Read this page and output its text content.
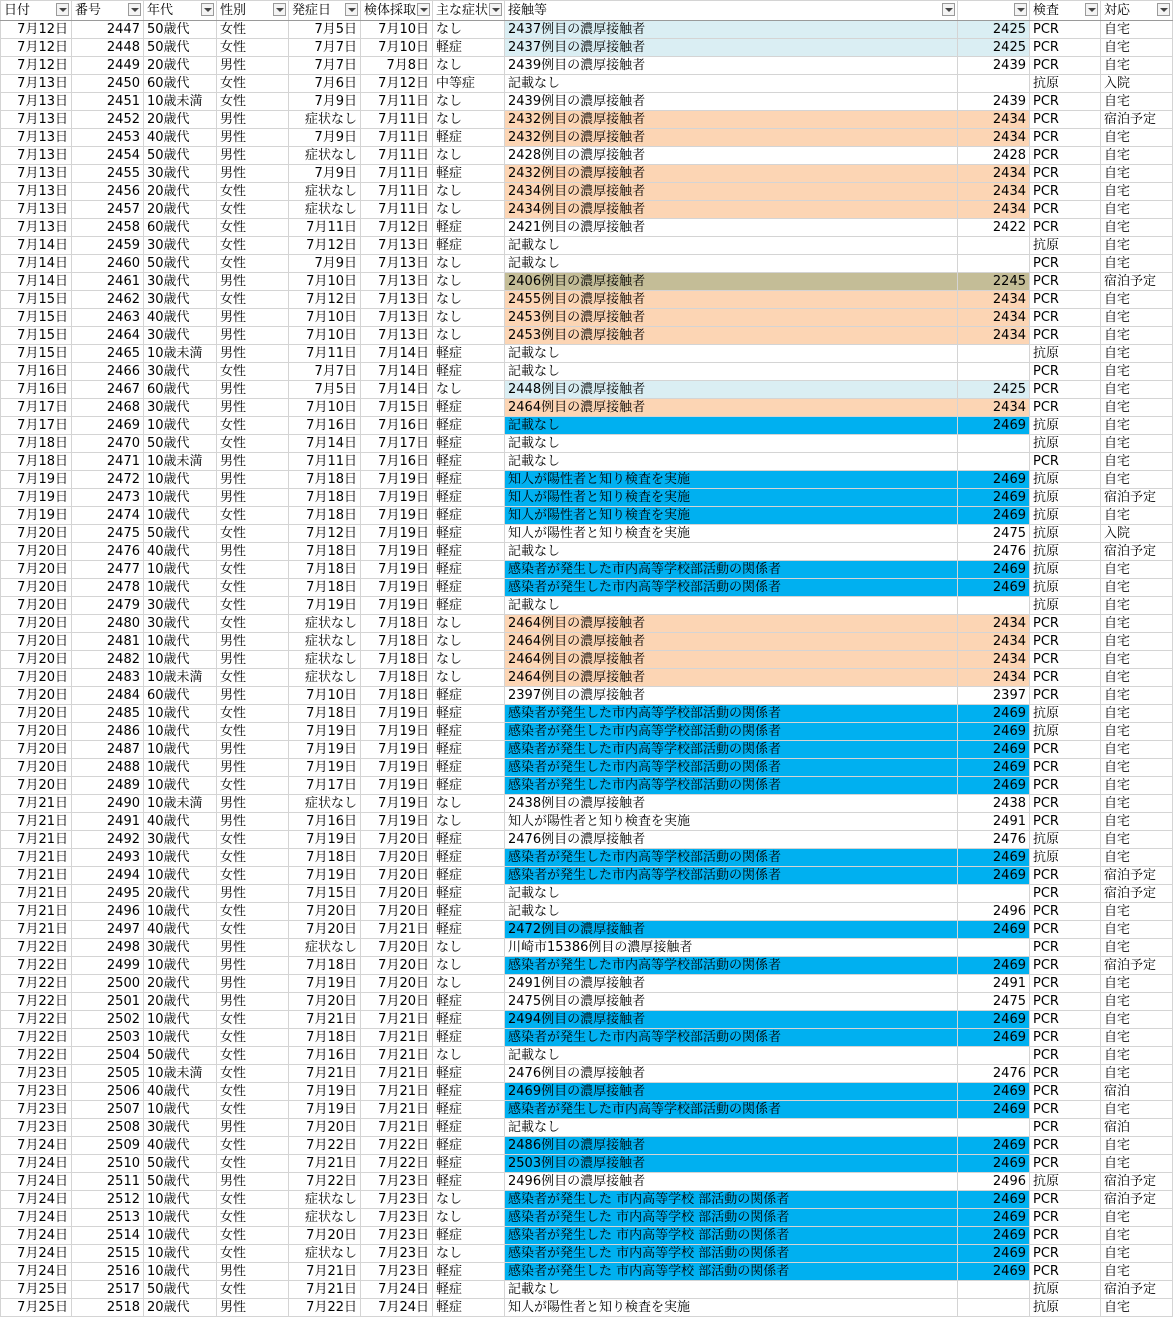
日付	番号	年代	性別	発症日	検体採取	主な症状	接触等		検査	対応

7月12日	2447	50歳代	女性	7月5日	7月10日	なし	2437例目の濃厚接触者	2425	PCR	自宅
7月12日	2448	50歳代	女性	7月7日	7月10日	軽症	2437例目の濃厚接触者	2425	PCR	自宅
7月12日	2449	20歳代	男性	7月7日	7月8日	なし	2439例目の濃厚接触者	2439	PCR	自宅
7月13日	2450	60歳代	女性	7月6日	7月12日	中等症	記載なし		抗原	入院
7月13日	2451	10歳未満	女性	7月9日	7月11日	なし	2439例目の濃厚接触者	2439	PCR	自宅
7月13日	2452	20歳代	男性	症状なし	7月11日	なし	2432例目の濃厚接触者	2434	PCR	宿泊予定
7月13日	2453	40歳代	男性	7月9日	7月11日	軽症	2432例目の濃厚接触者	2434	PCR	自宅
7月13日	2454	50歳代	男性	症状なし	7月11日	なし	2428例目の濃厚接触者	2428	PCR	自宅
7月13日	2455	30歳代	男性	7月9日	7月11日	軽症	2432例目の濃厚接触者	2434	PCR	自宅
7月13日	2456	20歳代	女性	症状なし	7月11日	なし	2434例目の濃厚接触者	2434	PCR	自宅
7月13日	2457	20歳代	女性	症状なし	7月11日	なし	2434例目の濃厚接触者	2434	PCR	自宅
7月13日	2458	60歳代	女性	7月11日	7月12日	軽症	2421例目の濃厚接触者	2422	PCR	自宅
7月14日	2459	30歳代	女性	7月12日	7月13日	軽症	記載なし		抗原	自宅
7月14日	2460	50歳代	女性	7月9日	7月13日	なし	記載なし		PCR	自宅
7月14日	2461	30歳代	男性	7月10日	7月13日	なし	2406例目の濃厚接触者	2245	PCR	宿泊予定
7月15日	2462	30歳代	女性	7月12日	7月13日	なし	2455例目の濃厚接触者	2434	PCR	自宅
7月15日	2463	40歳代	男性	7月10日	7月13日	なし	2453例目の濃厚接触者	2434	PCR	自宅
7月15日	2464	30歳代	男性	7月10日	7月13日	なし	2453例目の濃厚接触者	2434	PCR	自宅
7月15日	2465	10歳未満	男性	7月11日	7月14日	軽症	記載なし		抗原	自宅
7月16日	2466	30歳代	女性	7月7日	7月14日	軽症	記載なし		PCR	自宅
7月16日	2467	60歳代	男性	7月5日	7月14日	なし	2448例目の濃厚接触者	2425	PCR	自宅
7月17日	2468	30歳代	男性	7月10日	7月15日	軽症	2464例目の濃厚接触者	2434	PCR	自宅
7月17日	2469	10歳代	女性	7月16日	7月16日	軽症	記載なし	2469	抗原	自宅
7月18日	2470	50歳代	女性	7月14日	7月17日	軽症	記載なし		抗原	自宅
7月18日	2471	10歳未満	男性	7月11日	7月16日	軽症	記載なし		PCR	自宅
7月19日	2472	10歳代	男性	7月18日	7月19日	軽症	知人が陽性者と知り検査を実施	2469	抗原	自宅
7月19日	2473	10歳代	男性	7月18日	7月19日	軽症	知人が陽性者と知り検査を実施	2469	抗原	宿泊予定
7月19日	2474	10歳代	女性	7月18日	7月19日	軽症	知人が陽性者と知り検査を実施	2469	抗原	自宅
7月20日	2475	50歳代	女性	7月12日	7月19日	軽症	知人が陽性者と知り検査を実施	2475	抗原	入院
7月20日	2476	40歳代	男性	7月18日	7月19日	軽症	記載なし	2476	抗原	宿泊予定
7月20日	2477	10歳代	女性	7月18日	7月19日	軽症	感染者が発生した市内高等学校部活動の関係者	2469	抗原	自宅
7月20日	2478	10歳代	女性	7月18日	7月19日	軽症	感染者が発生した市内高等学校部活動の関係者	2469	抗原	自宅
7月20日	2479	30歳代	女性	7月19日	7月19日	軽症	記載なし		抗原	自宅
7月20日	2480	30歳代	女性	症状なし	7月18日	なし	2464例目の濃厚接触者	2434	PCR	自宅
7月20日	2481	10歳代	男性	症状なし	7月18日	なし	2464例目の濃厚接触者	2434	PCR	自宅
7月20日	2482	10歳代	男性	症状なし	7月18日	なし	2464例目の濃厚接触者	2434	PCR	自宅
7月20日	2483	10歳未満	女性	症状なし	7月18日	なし	2464例目の濃厚接触者	2434	PCR	自宅
7月20日	2484	60歳代	男性	7月10日	7月18日	軽症	2397例目の濃厚接触者	2397	PCR	自宅
7月20日	2485	10歳代	女性	7月18日	7月19日	軽症	感染者が発生した市内高等学校部活動の関係者	2469	抗原	自宅
7月20日	2486	10歳代	女性	7月19日	7月19日	軽症	感染者が発生した市内高等学校部活動の関係者	2469	抗原	自宅
7月20日	2487	10歳代	男性	7月19日	7月19日	軽症	感染者が発生した市内高等学校部活動の関係者	2469	PCR	自宅
7月20日	2488	10歳代	男性	7月19日	7月19日	軽症	感染者が発生した市内高等学校部活動の関係者	2469	PCR	自宅
7月20日	2489	10歳代	女性	7月17日	7月19日	軽症	感染者が発生した市内高等学校部活動の関係者	2469	PCR	自宅
7月21日	2490	10歳未満	男性	症状なし	7月19日	なし	2438例目の濃厚接触者	2438	PCR	自宅
7月21日	2491	40歳代	男性	7月16日	7月19日	なし	知人が陽性者と知り検査を実施	2491	PCR	自宅
7月21日	2492	30歳代	女性	7月19日	7月20日	軽症	2476例目の濃厚接触者	2476	抗原	自宅
7月21日	2493	10歳代	女性	7月18日	7月20日	軽症	感染者が発生した市内高等学校部活動の関係者	2469	抗原	自宅
7月21日	2494	10歳代	女性	7月19日	7月20日	軽症	感染者が発生した市内高等学校部活動の関係者	2469	PCR	宿泊予定
7月21日	2495	20歳代	男性	7月15日	7月20日	軽症	記載なし		PCR	宿泊予定
7月21日	2496	10歳代	女性	7月20日	7月20日	軽症	記載なし	2496	PCR	自宅
7月21日	2497	40歳代	女性	7月20日	7月21日	軽症	2472例目の濃厚接触者	2469	PCR	自宅
7月22日	2498	30歳代	男性	症状なし	7月20日	なし	川崎市15386例目の濃厚接触者		PCR	自宅
7月22日	2499	10歳代	男性	7月18日	7月20日	なし	感染者が発生した市内高等学校部活動の関係者	2469	PCR	宿泊予定
7月22日	2500	20歳代	男性	7月19日	7月20日	なし	2491例目の濃厚接触者	2491	PCR	自宅
7月22日	2501	20歳代	男性	7月20日	7月20日	軽症	2475例目の濃厚接触者	2475	PCR	自宅
7月22日	2502	10歳代	女性	7月21日	7月21日	軽症	2494例目の濃厚接触者	2469	PCR	自宅
7月22日	2503	10歳代	女性	7月18日	7月21日	軽症	感染者が発生した市内高等学校部活動の関係者	2469	PCR	自宅
7月22日	2504	50歳代	女性	7月16日	7月21日	なし	記載なし		PCR	自宅
7月23日	2505	10歳未満	女性	7月21日	7月21日	軽症	2476例目の濃厚接触者	2476	PCR	自宅
7月23日	2506	40歳代	女性	7月19日	7月21日	軽症	2469例目の濃厚接触者	2469	PCR	宿泊
7月23日	2507	10歳代	女性	7月19日	7月21日	軽症	感染者が発生した市内高等学校部活動の関係者	2469	PCR	自宅
7月23日	2508	30歳代	男性	7月20日	7月21日	軽症	記載なし		PCR	宿泊
7月24日	2509	40歳代	女性	7月22日	7月22日	軽症	2486例目の濃厚接触者	2469	PCR	自宅
7月24日	2510	50歳代	女性	7月21日	7月22日	軽症	2503例目の濃厚接触者	2469	PCR	自宅
7月24日	2511	50歳代	男性	7月22日	7月23日	軽症	2496例目の濃厚接触者	2496	抗原	宿泊予定
7月24日	2512	10歳代	女性	症状なし	7月23日	なし	感染者が発生した 市内高等学校 部活動の関係者	2469	PCR	宿泊予定
7月24日	2513	10歳代	女性	症状なし	7月23日	なし	感染者が発生した 市内高等学校 部活動の関係者	2469	PCR	自宅
7月24日	2514	10歳代	女性	7月20日	7月23日	軽症	感染者が発生した 市内高等学校 部活動の関係者	2469	PCR	自宅
7月24日	2515	10歳代	女性	症状なし	7月23日	なし	感染者が発生した 市内高等学校 部活動の関係者	2469	PCR	自宅
7月24日	2516	10歳代	男性	7月21日	7月23日	軽症	感染者が発生した 市内高等学校 部活動の関係者	2469	PCR	自宅
7月25日	2517	50歳代	女性	7月21日	7月24日	軽症	記載なし		抗原	宿泊予定
7月25日	2518	20歳代	男性	7月22日	7月24日	軽症	知人が陽性者と知り検査を実施		抗原	自宅
